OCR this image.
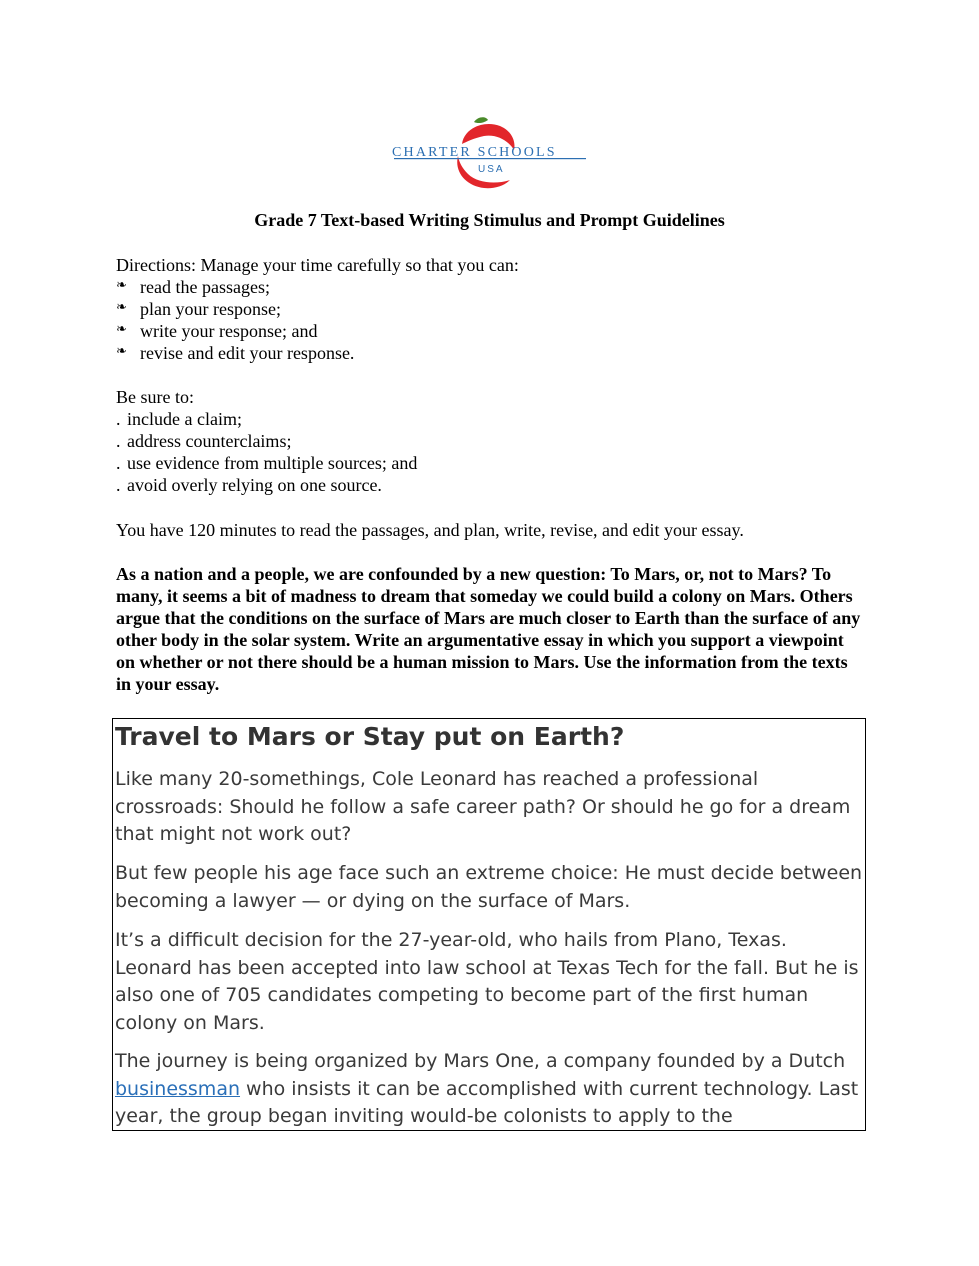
CHARTER SCHOOLS
USA
Grade 7 Text-based Writing Stimulus and Prompt Guidelines

Directions: Manage your time carefully so that you can:

❧ read the passages;
❧ plan your response;
❧ write your response; and
❧ revise and edit your response.

Be sure to:

. include a claim;
. address counterclaims;
. use evidence from multiple sources; and
. avoid overly relying on one source.
You have 120 minutes to read the passages, and plan, write, revise, and edit your essay.
As a nation and a people, we are confounded by a new question: To Mars, or, not to Mars? To many, it seems a bit of madness to dream that someday we could build a colony on Mars. Others argue that the conditions on the surface of Mars are much closer to Earth than the surface of any other body in the solar system. Write an argumentative essay in which you support a viewpoint on whether or not there should be a human mission to Mars. Use the information from the texts in your essay.
Travel to Mars or Stay put on Earth?

Like many 20-somethings, Cole Leonard has reached a professional crossroads: Should he follow a safe career path? Or should he go for a dream that might not work out?

But few people his age face such an extreme choice: He must decide between becoming a lawyer — or dying on the surface of Mars.

It’s a difficult decision for the 27-year-old, who hails from Plano, Texas. Leonard has been accepted into law school at Texas Tech for the fall. But he is also one of 705 candidates competing to become part of the first human colony on Mars.

The journey is being organized by Mars One, a company founded by a Dutch businessman who insists it can be accomplished with current technology. Last year, the group began inviting would-be colonists to apply to the
